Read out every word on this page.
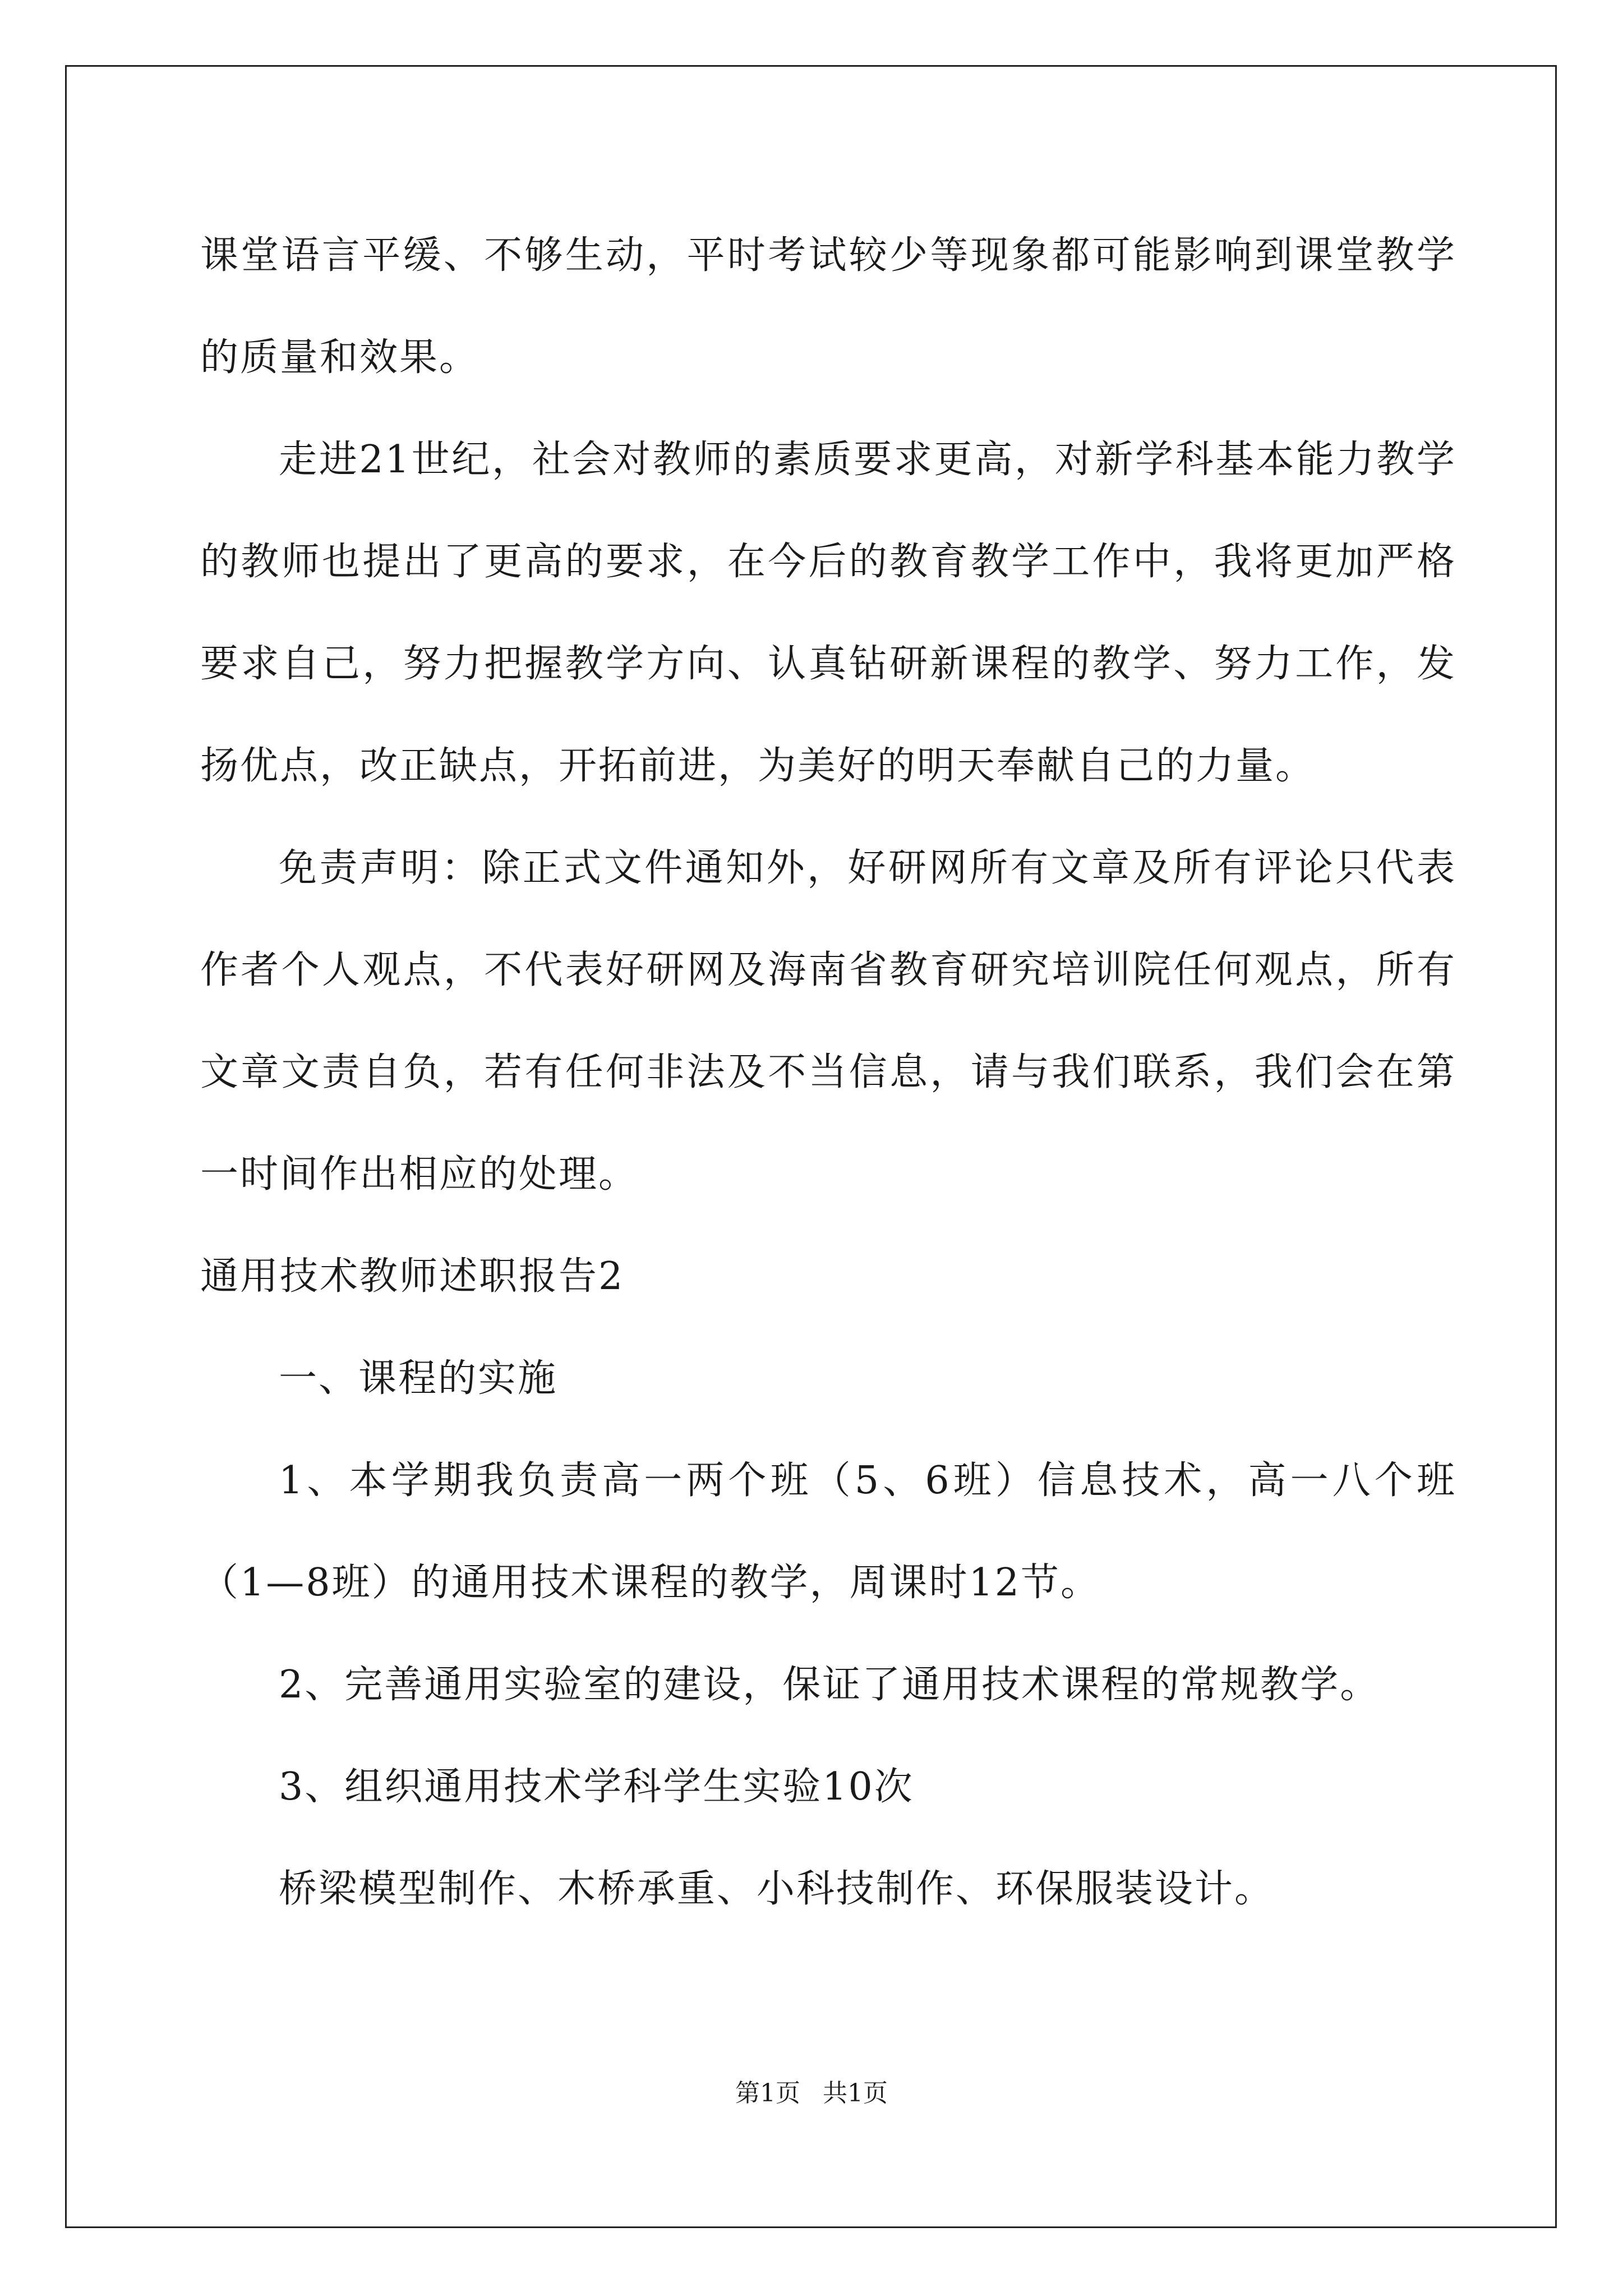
课堂语言平缓、不够生动，平时考试较少等现象都可能影响到课堂教学的质量和效果。

走进21世纪，社会对教师的素质要求更高，对新学科基本能力教学的教师也提出了更高的要求，在今后的教育教学工作中，我将更加严格要求自己，努力把握教学方向、认真钻研新课程的教学、努力工作，发扬优点，改正缺点，开拓前进，为美好的明天奉献自己的力量。

免责声明：除正式文件通知外，好研网所有文章及所有评论只代表作者个人观点，不代表好研网及海南省教育研究培训院任何观点，所有文章文责自负，若有任何非法及不当信息，请与我们联系，我们会在第一时间作出相应的处理。

通用技术教师述职报告2

一、课程的实施

1、本学期我负责高一两个班（5、6班）信息技术，高一八个班（1—8班）的通用技术课程的教学，周课时12节。

2、完善通用实验室的建设，保证了通用技术课程的常规教学。

3、组织通用技术学科学生实验10次

桥梁模型制作、木桥承重、小科技制作、环保服装设计。

第1页 共1页
